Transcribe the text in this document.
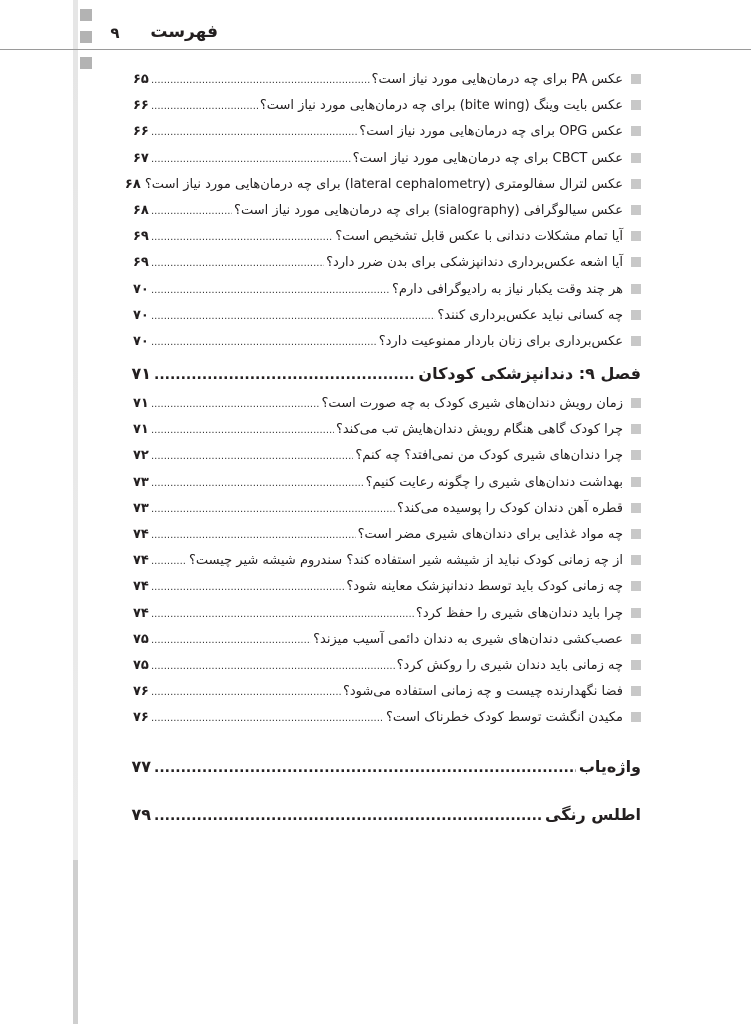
۹	فهرست
عکس PA برای چه درمان‌هایی مورد نیاز است؟
.....
۶۵
عکس بایت وینگ (bite wing) برای چه درمان‌هایی مورد نیاز است؟
.....
۶۶
عکس OPG برای چه درمان‌هایی مورد نیاز است؟
.....
۶۶
عکس CBCT برای چه درمان‌هایی مورد نیاز است؟
.....
۶۷
عکس لترال سفالومتری (lateral cephalometry) برای چه درمان‌هایی مورد نیاز است؟
۶۸
عکس سیالوگرافی (sialography) برای چه درمان‌هایی مورد نیاز است؟
.....
۶۸
آیا تمام مشکلات دندانی با عکس قابل تشخیص است؟
.....
۶۹
آیا اشعه عکس‌برداری دندانپزشکی برای بدن ضرر دارد؟
.....
۶۹
هر چند وقت یکبار نیاز به رادیوگرافی دارم؟
.....
۷۰
چه کسانی نباید عکس‌برداری کنند؟
.....
۷۰
عکس‌برداری برای زنان باردار ممنوعیت دارد؟
.....
۷۰
فصل ۹: دندانپزشکی کودکان
.....
۷۱
زمان رویش دندان‌های شیری کودک به چه صورت است؟
.....
۷۱
چرا کودک گاهی هنگام رویش دندان‌هایش تب می‌کند؟
.....
۷۱
چرا دندان‌های شیری کودک من نمی‌افتد؟ چه کنم؟
.....
۷۲
بهداشت دندان‌های شیری را چگونه رعایت کنیم؟
.....
۷۳
قطره آهن دندان کودک را پوسیده می‌کند؟
.....
۷۳
چه مواد غذایی برای دندان‌های شیری مضر است؟
.....
۷۴
از چه زمانی کودک نباید از شیشه شیر استفاده کند؟ سندروم شیشه شیر چیست؟
.....
۷۴
چه زمانی کودک باید توسط دندانپزشک معاینه شود؟
.....
۷۴
چرا باید دندان‌های شیری را حفظ کرد؟
.....
۷۴
عصب‌کشی دندان‌های شیری به دندان دائمی آسیب میزند؟
.....
۷۵
چه زمانی باید دندان شیری را روکش کرد؟
.....
۷۵
فضا نگهدارنده چیست و چه زمانی استفاده می‌شود؟
.....
۷۶
مکیدن انگشت توسط کودک خطرناک است؟
.....
۷۶
واژه‌یاب
.....
۷۷
اطلس رنگی
.....
۷۹
